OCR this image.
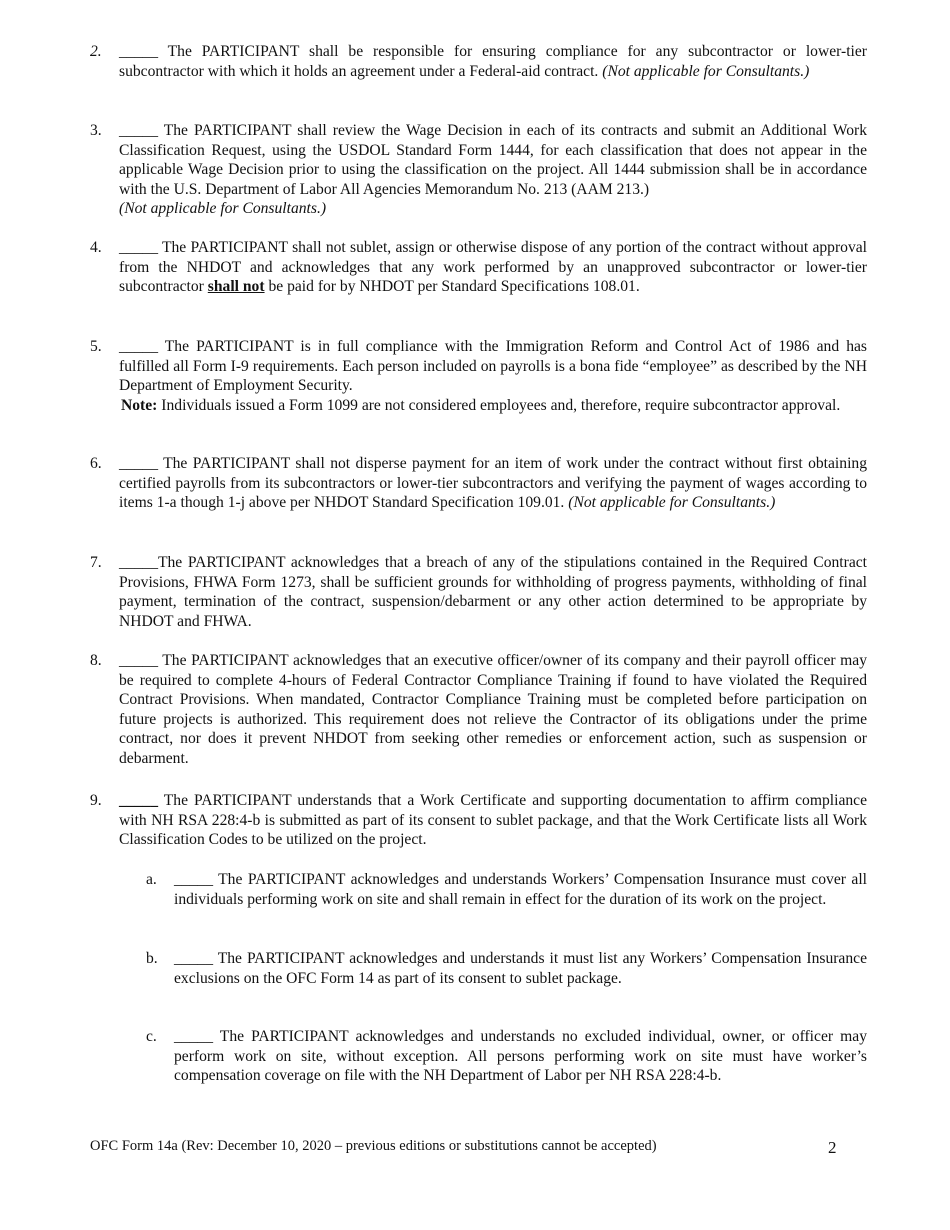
2.	_____ The PARTICIPANT shall be responsible for ensuring compliance for any subcontractor or lower-tier subcontractor with which it holds an agreement under a Federal-aid contract. (Not applicable for Consultants.)
3.	_____ The PARTICIPANT shall review the Wage Decision in each of its contracts and submit an Additional Work Classification Request, using the USDOL Standard Form 1444, for each classification that does not appear in the applicable Wage Decision prior to using the classification on the project. All 1444 submission shall be in accordance with the U.S. Department of Labor All Agencies Memorandum No. 213 (AAM 213.)
(Not applicable for Consultants.)
4.	_____ The PARTICIPANT shall not sublet, assign or otherwise dispose of any portion of the contract without approval from the NHDOT and acknowledges that any work performed by an unapproved subcontractor or lower-tier subcontractor shall not be paid for by NHDOT per Standard Specifications 108.01.
5.	_____ The PARTICIPANT is in full compliance with the Immigration Reform and Control Act of 1986 and has fulfilled all Form I-9 requirements. Each person included on payrolls is a bona fide “employee” as described by the NH Department of Employment Security.
Note: Individuals issued a Form 1099 are not considered employees and, therefore, require subcontractor approval.
6.	_____ The PARTICIPANT shall not disperse payment for an item of work under the contract without first obtaining certified payrolls from its subcontractors or lower-tier subcontractors and verifying the payment of wages according to items 1-a though 1-j above per NHDOT Standard Specification 109.01. (Not applicable for Consultants.)
7.	_____The PARTICIPANT acknowledges that a breach of any of the stipulations contained in the Required Contract Provisions, FHWA Form 1273, shall be sufficient grounds for withholding of progress payments, withholding of final payment, termination of the contract, suspension/debarment or any other action determined to be appropriate by NHDOT and FHWA.
8.	_____ The PARTICIPANT acknowledges that an executive officer/owner of its company and their payroll officer may be required to complete 4-hours of Federal Contractor Compliance Training if found to have violated the Required Contract Provisions. When mandated, Contractor Compliance Training must be completed before participation on future projects is authorized. This requirement does not relieve the Contractor of its obligations under the prime contract, nor does it prevent NHDOT from seeking other remedies or enforcement action, such as suspension or debarment.
9.	_____ The PARTICIPANT understands that a Work Certificate and supporting documentation to affirm compliance with NH RSA 228:4-b is submitted as part of its consent to sublet package, and that the Work Certificate lists all Work Classification Codes to be utilized on the project.
a.	_____ The PARTICIPANT acknowledges and understands Workers’ Compensation Insurance must cover all individuals performing work on site and shall remain in effect for the duration of its work on the project.
b.	_____ The PARTICIPANT acknowledges and understands it must list any Workers’ Compensation Insurance exclusions on the OFC Form 14 as part of its consent to sublet package.
c.	_____ The PARTICIPANT acknowledges and understands no excluded individual, owner, or officer may perform work on site, without exception. All persons performing work on site must have worker’s compensation coverage on file with the NH Department of Labor per NH RSA 228:4-b.
OFC Form 14a (Rev: December 10, 2020 – previous editions or substitutions cannot be accepted)	2
